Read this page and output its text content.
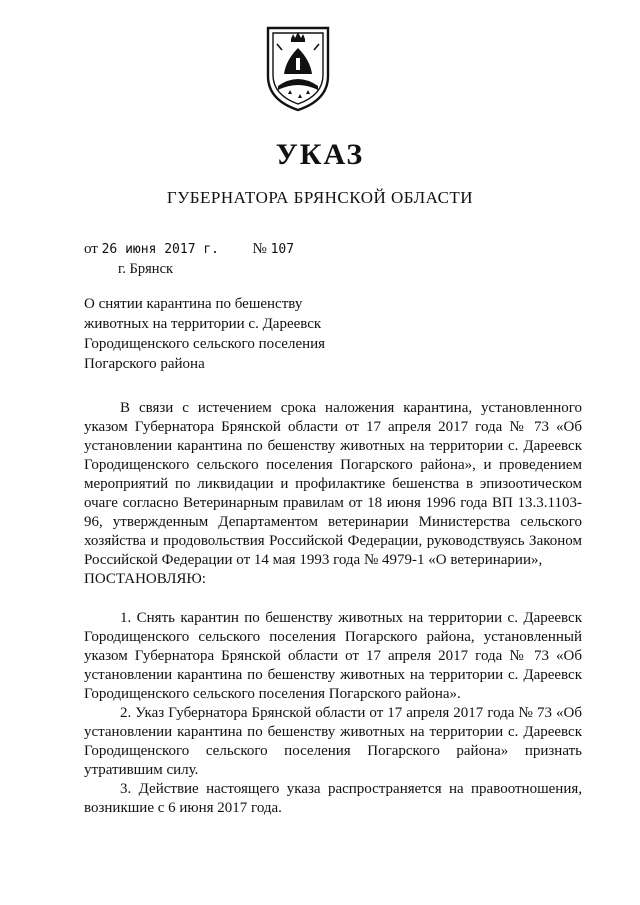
УКАЗ
ГУБЕРНАТОРА БРЯНСКОЙ ОБЛАСТИ
от 26 июня 2017 г. № 107
г. Брянск
О снятии карантина по бешенству животных на территории с. Дареевск Городищенского сельского поселения Погарского района

В связи с истечением срока наложения карантина, установленного указом Губернатора Брянской области от 17 апреля 2017 года № 73 «Об установлении карантина по бешенству животных на территории с. Дареевск Городищенского сельского поселения Погарского района», и проведением мероприятий по ликвидации и профилактике бешенства в эпизоотическом очаге согласно Ветеринарным правилам от 18 июня 1996 года ВП 13.3.1103-96, утвержденным Департаментом ветеринарии Министерства сельского хозяйства и продовольствия Российской Федерации, руководствуясь Законом Российской Федерации от 14 мая 1993 года № 4979-1 «О ветеринарии»,

ПОСТАНОВЛЯЮ:

1. Снять карантин по бешенству животных на территории с. Дареевск Городищенского сельского поселения Погарского района, установленный указом Губернатора Брянской области от 17 апреля 2017 года № 73 «Об установлении карантина по бешенству животных на территории с. Дареевск Городищенского сельского поселения Погарского района».

2. Указ Губернатора Брянской области от 17 апреля 2017 года № 73 «Об установлении карантина по бешенству животных на территории с. Дареевск Городищенского сельского поселения Погарского района» признать утратившим силу.

3. Действие настоящего указа распространяется на правоотношения, возникшие с 6 июня 2017 года.
